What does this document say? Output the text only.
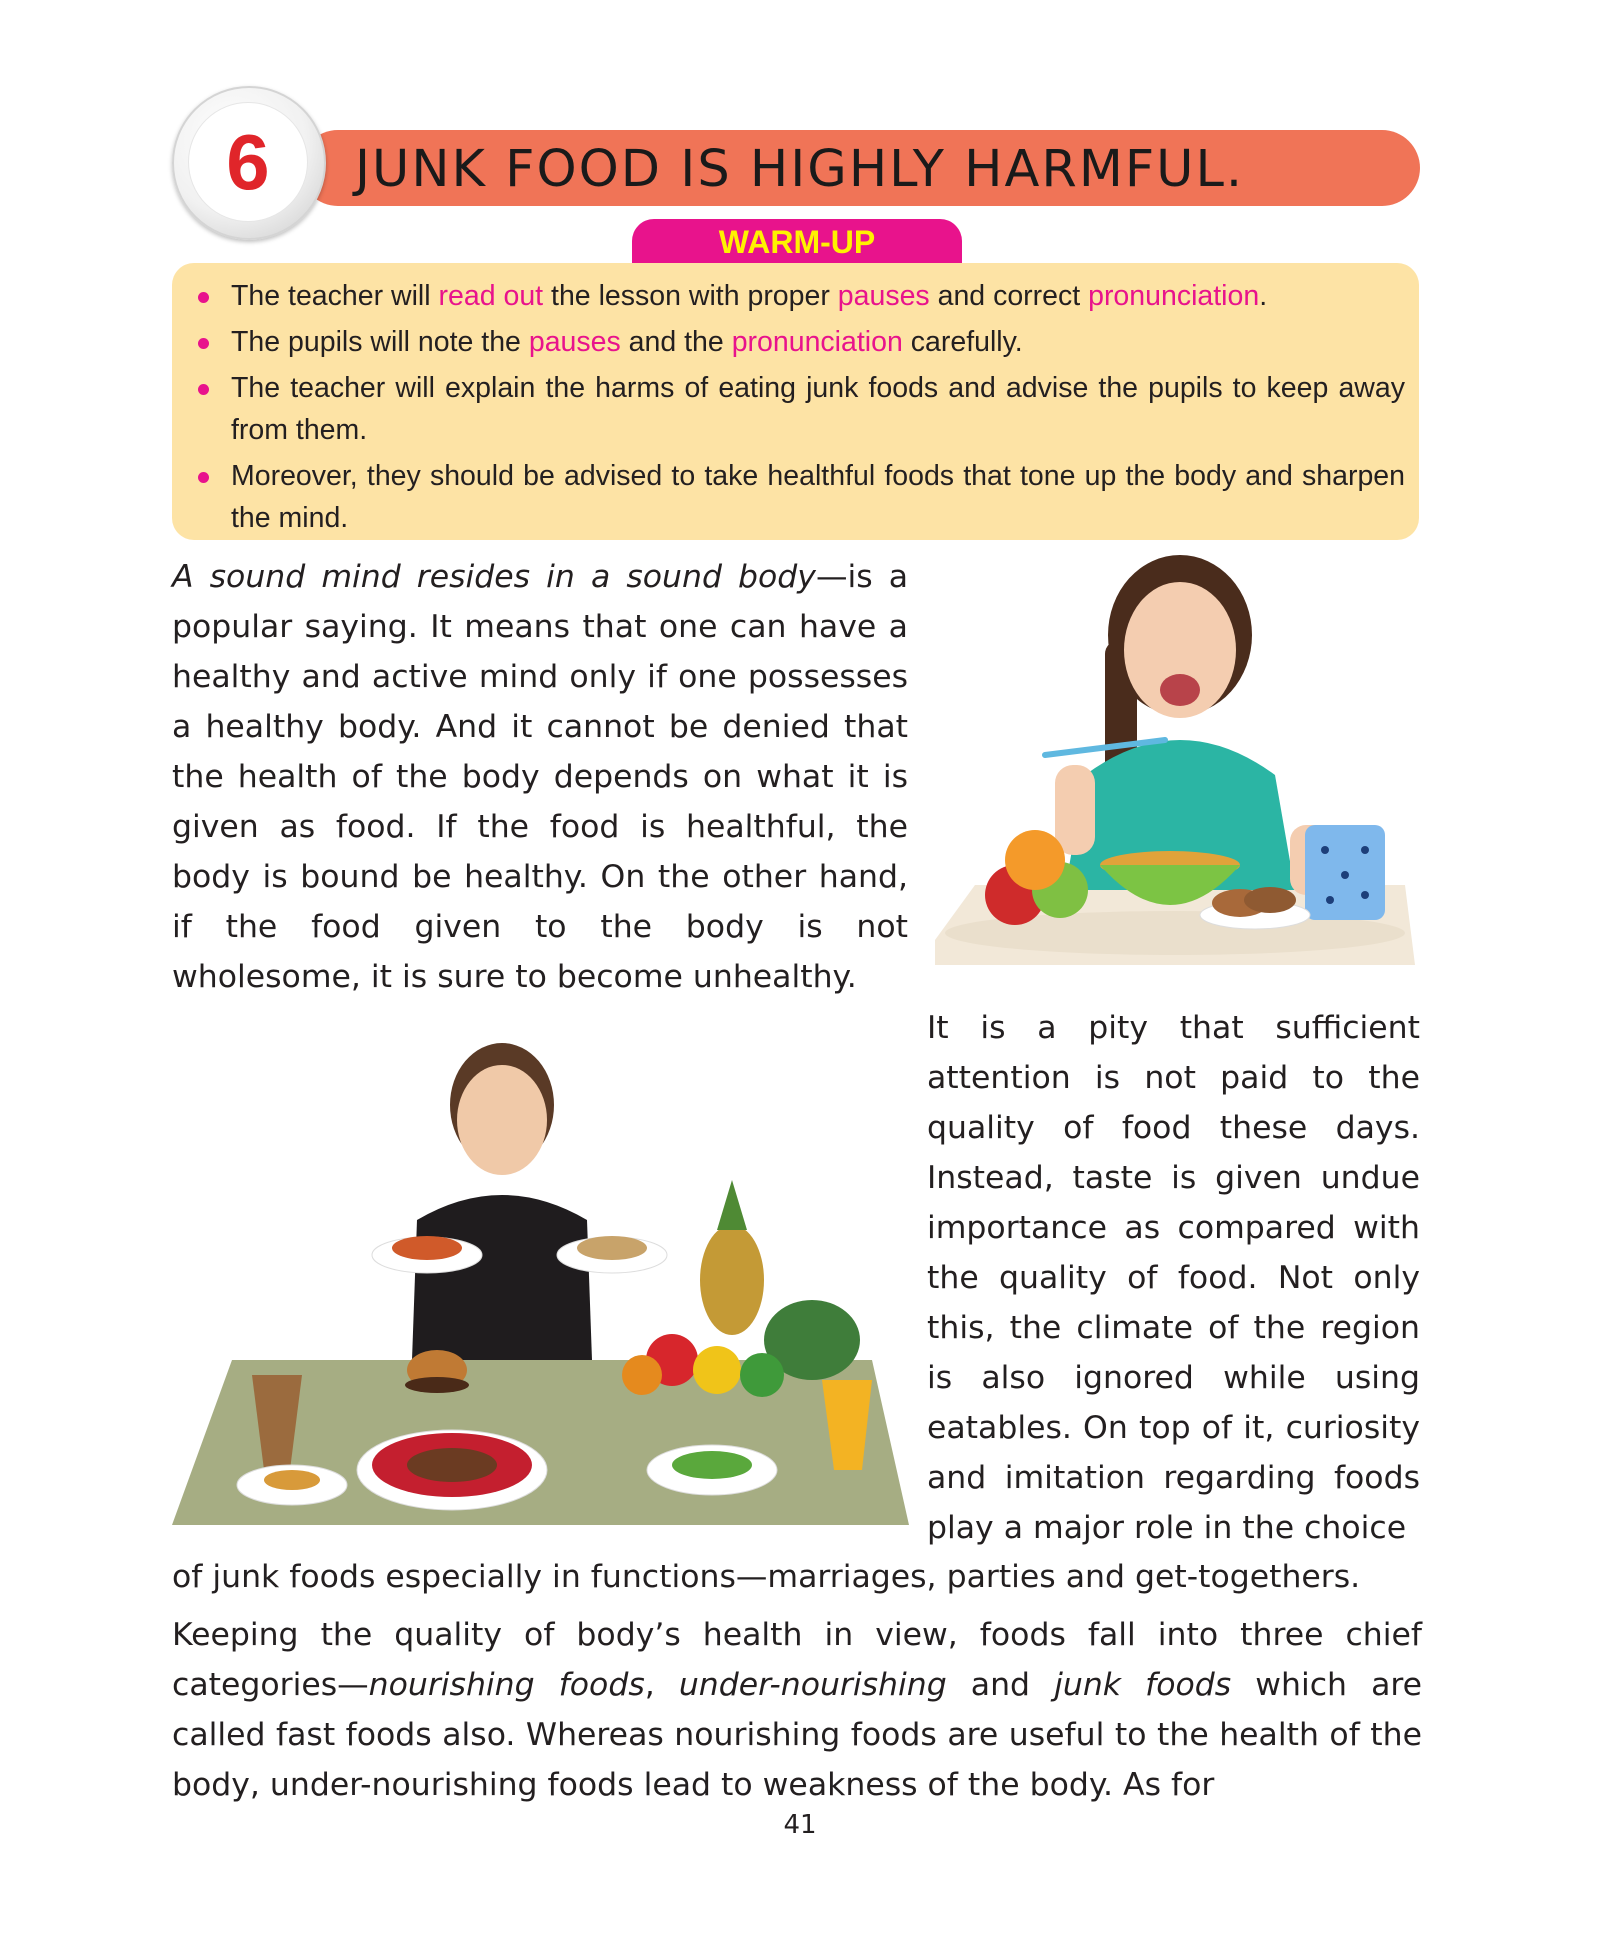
JUNK FOOD IS HIGHLY HARMFUL.
6
WARM-UP
The teacher will read out the lesson with proper pauses and correct pronunciation.
The pupils will note the pauses and the pronunciation carefully.
The teacher will explain the harms of eating junk foods and advise the pupils to keep away from them.
Moreover, they should be advised to take healthful foods that tone up the body and sharpen the mind.

A sound mind resides in a sound body—is a popular saying. It means that one can have a healthy and active mind only if one possesses a healthy body. And it cannot be denied that the health of the body depends on what it is given as food. If the food is healthful, the body is bound be healthy. On the other hand, if the food given to the body is not wholesome, it is sure to become unhealthy.

It is a pity that sufficient attention is not paid to the quality of food these days. Instead, taste is given undue importance as compared with the quality of food. Not only this, the climate of the region is also ignored while using eatables. On top of it, curiosity and imitation regarding foods play a major role in the choice

of junk foods especially in functions—marriages, parties and get-togethers.

Keeping the quality of body’s health in view, foods fall into three chief categories—nourishing foods, under-nourishing and junk foods which are called fast foods also. Whereas nourishing foods are useful to the health of the body, under-nourishing foods lead to weakness of the body. As for

41
